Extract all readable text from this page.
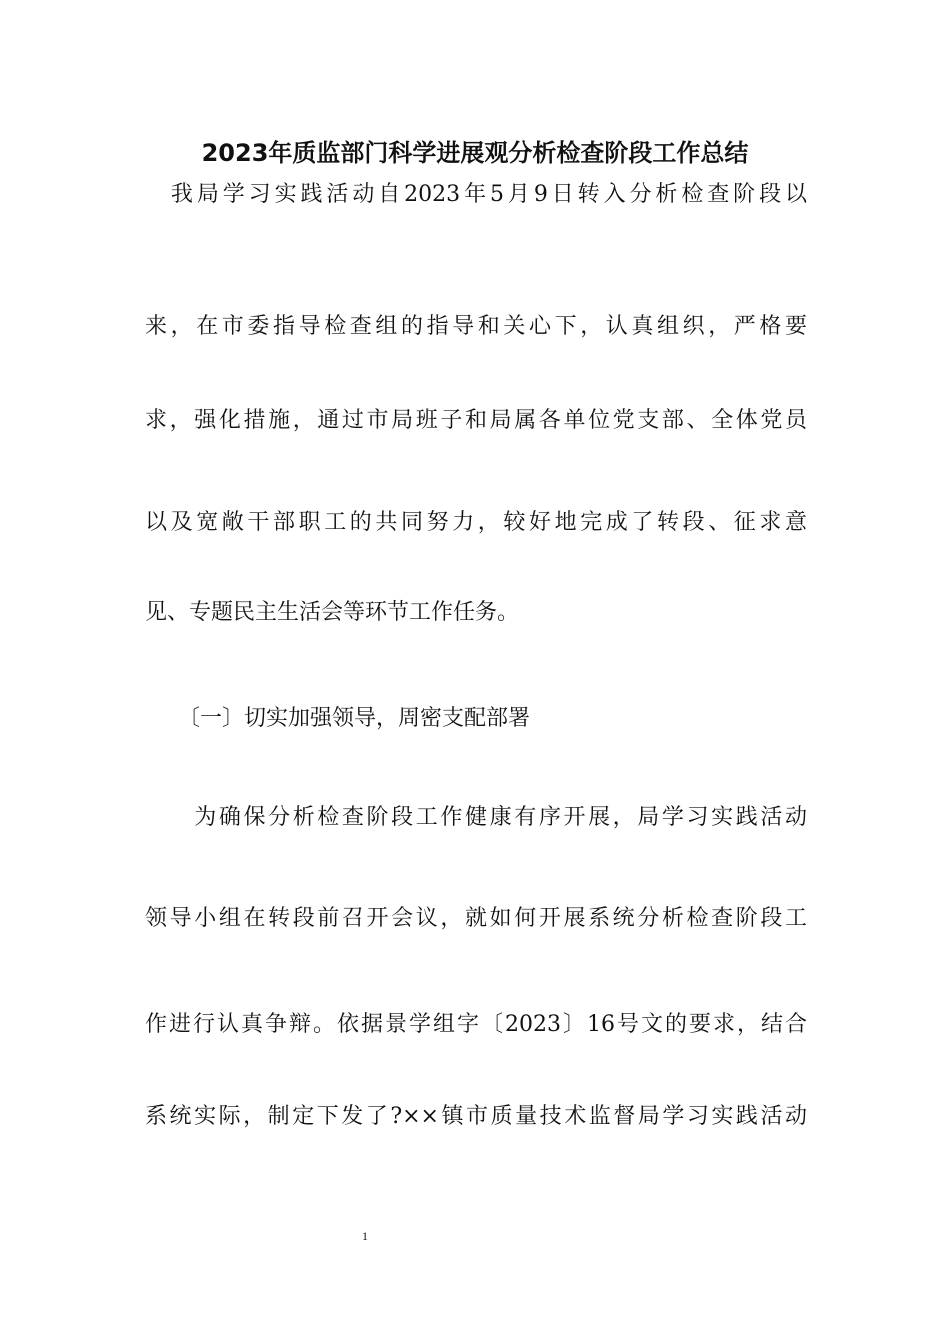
2023年质监部门科学进展观分析检查阶段工作总结
　我局学习实践活动自2023年5月9日转入分析检查阶段以
来，在市委指导检查组的指导和关心下，认真组织，严格要
求，强化措施，通过市局班子和局属各单位党支部、全体党员
以及宽敞干部职工的共同努力，较好地完成了转段、征求意
见、专题民主生活会等环节工作任务。
　　〔一〕切实加强领导，周密支配部署
　　为确保分析检查阶段工作健康有序开展，局学习实践活动
领导小组在转段前召开会议，就如何开展系统分析检查阶段工
作进行认真争辩。依据景学组字〔2023〕16号文的要求，结合
系统实际，制定下发了?××镇市质量技术监督局学习实践活动
1
